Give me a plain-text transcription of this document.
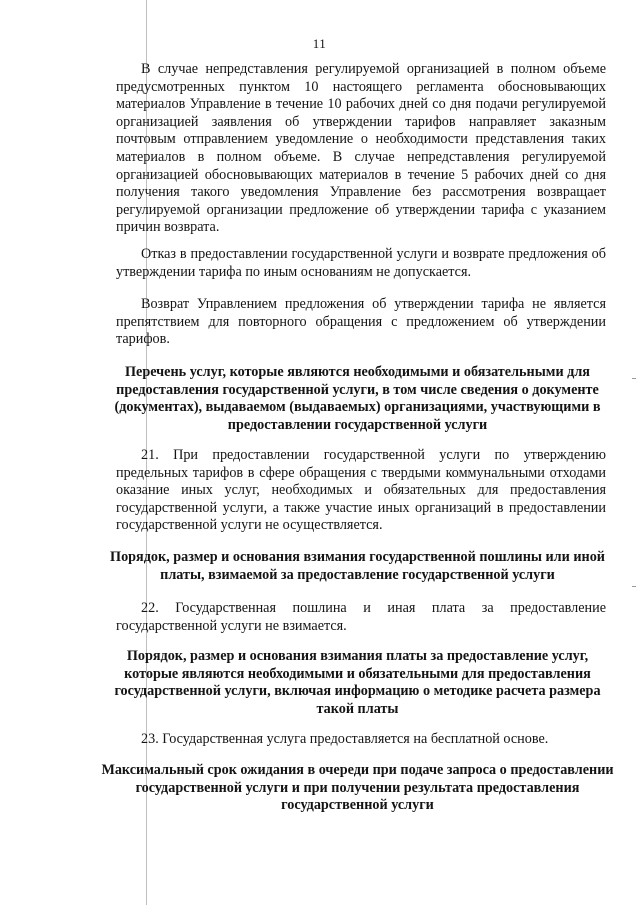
11

В случае непредставления регулируемой организацией в полном объеме предусмотренных пунктом 10 настоящего регламента обосновывающих материалов Управление в течение 10 рабочих дней со дня подачи регулируемой организацией заявления об утверждении тарифов направляет заказным почтовым отправлением уведомление о необходимости представления таких материалов в полном объеме. В случае непредставления регулируемой организацией обосновывающих материалов в течение 5 рабочих дней со дня получения такого уведомления Управление без рассмотрения возвращает регулируемой организации предложение об утверждении тарифа с указанием причин возврата.

Отказ в предоставлении государственной услуги и возврате предложения об утверждении тарифа по иным основаниям не допускается.

Возврат Управлением предложения об утверждении тарифа не является препятствием для повторного обращения с предложением об утверждении тарифов.

Перечень услуг, которые являются необходимыми и обязательными для предоставления государственной услуги, в том числе сведения о документе (документах), выдаваемом (выдаваемых) организациями, участвующими в предоставлении государственной услуги

21. При предоставлении государственной услуги по утверждению предельных тарифов в сфере обращения с твердыми коммунальными отходами оказание иных услуг, необходимых и обязательных для предоставления государственной услуги, а также участие иных организаций в предоставлении государственной услуги не осуществляется.

Порядок, размер и основания взимания государственной пошлины или иной платы, взимаемой за предоставление государственной услуги

22. Государственная пошлина и иная плата за предоставление государственной услуги не взимается.

Порядок, размер и основания взимания платы за предоставление услуг, которые являются необходимыми и обязательными для предоставления государственной услуги, включая информацию о методике расчета размера такой платы

23. Государственная услуга предоставляется на бесплатной основе.

Максимальный срок ожидания в очереди при подаче запроса о предоставлении государственной услуги и при получении результата предоставления государственной услуги
